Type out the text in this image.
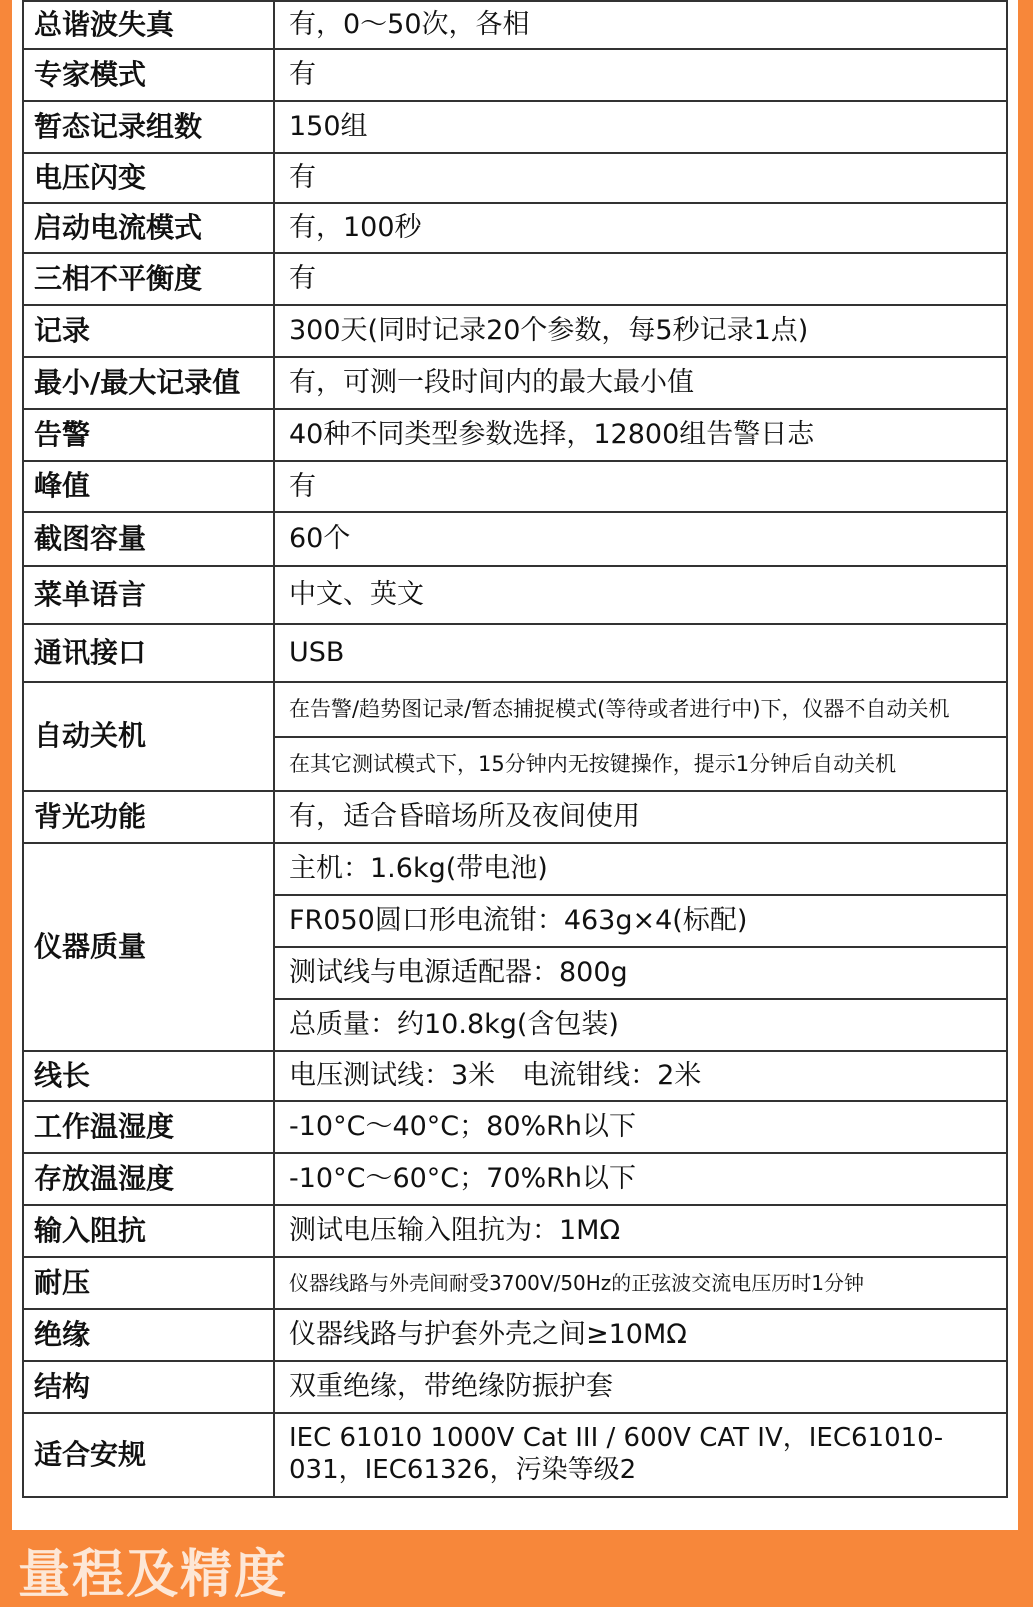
总谐波失真	有，0～50次，各相
专家模式	有
暂态记录组数	150组
电压闪变	有
启动电流模式	有，100秒
三相不平衡度	有
记录	300天(同时记录20个参数，每5秒记录1点)
最小/最大记录值	有，可测一段时间内的最大最小值
告警	40种不同类型参数选择，12800组告警日志
峰值	有
截图容量	60个
菜单语言	中文、英文
通讯接口	USB
自动关机	在告警/趋势图记录/暂态捕捉模式(等待或者进行中)下，仪器不自动关机
	在其它测试模式下，15分钟内无按键操作，提示1分钟后自动关机
背光功能	有，适合昏暗场所及夜间使用
仪器质量	主机：1.6kg(带电池)
	FR050圆口形电流钳：463g×4(标配)
	测试线与电源适配器：800g
	总质量：约10.8kg(含包装)
线长	电压测试线：3米　电流钳线：2米
工作温湿度	-10°C～40°C；80%Rh以下
存放温湿度	-10°C～60°C；70%Rh以下
输入阻抗	测试电压输入阻抗为：1MΩ
耐压	仪器线路与外壳间耐受3700V/50Hz的正弦波交流电压历时1分钟
绝缘	仪器线路与护套外壳之间≥10MΩ
结构	双重绝缘，带绝缘防振护套
适合安规	IEC 61010 1000V Cat III / 600V CAT IV，IEC61010-031，IEC61326，污染等级2
量程及精度
